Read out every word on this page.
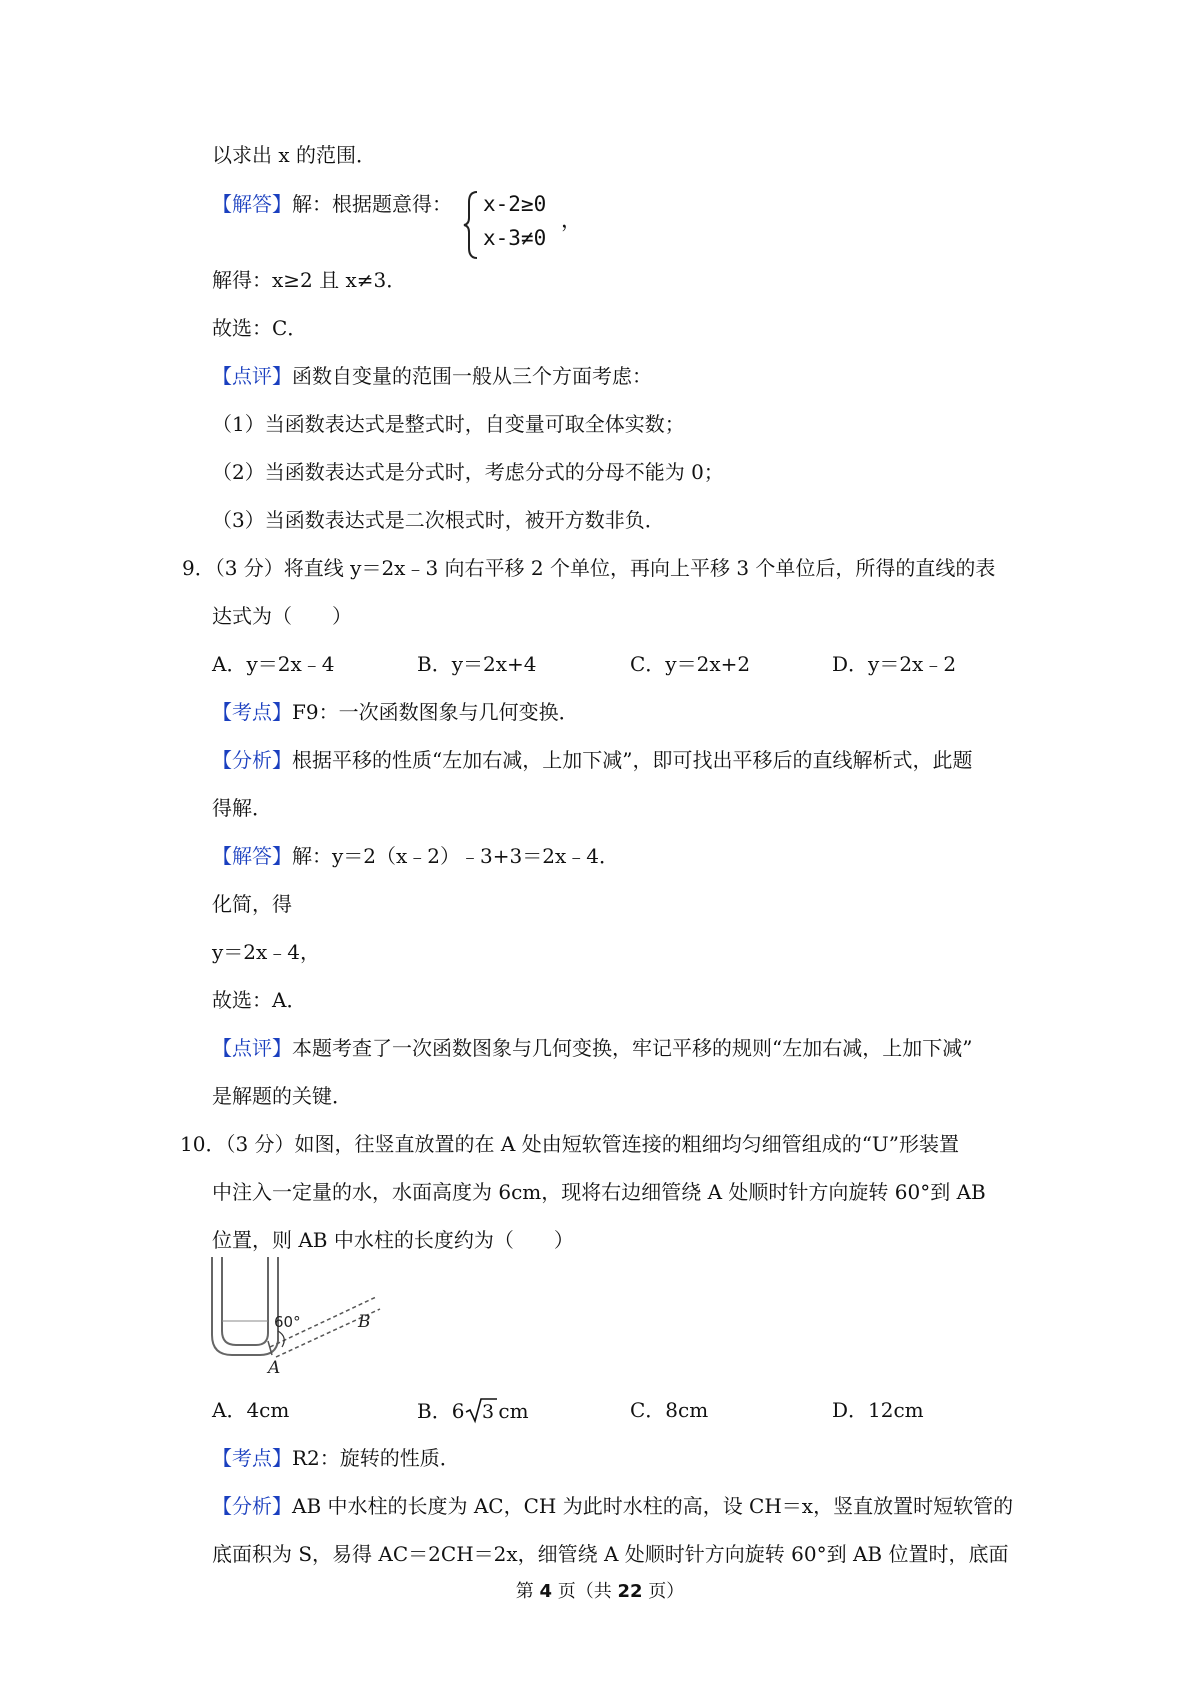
以求出 x 的范围．
【解答】解：根据题意得： x-2≥0
x-3≠0
，
解得：x≥2 且 x≠3．
故选：C．
【点评】函数自变量的范围一般从三个方面考虑：
（1）当函数表达式是整式时，自变量可取全体实数；
（2）当函数表达式是分式时，考虑分式的分母不能为 0；
（3）当函数表达式是二次根式时，被开方数非负．
9．（3 分）将直线 y＝2x﹣3 向右平移 2 个单位，再向上平移 3 个单位后，所得的直线的表
达式为（　　）
A．y＝2x﹣4	B．y＝2x+4	C．y＝2x+2	D．y＝2x﹣2
【考点】F9：一次函数图象与几何变换．
【分析】根据平移的性质“左加右减，上加下减”，即可找出平移后的直线解析式，此题
得解．
【解答】解：y＝2（x﹣2）﹣3+3＝2x﹣4．
化简，得
y＝2x﹣4，
故选：A．
【点评】本题考查了一次函数图象与几何变换，牢记平移的规则“左加右减，上加下减”
是解题的关键．
10．（3 分）如图，往竖直放置的在 A 处由短软管连接的粗细均匀细管组成的“U”形装置
中注入一定量的水，水面高度为 6cm，现将右边细管绕 A 处顺时针方向旋转 60°到 AB
位置，则 AB 中水柱的长度约为（　　）
60°	B
A
A．4cm	B．6 3 cm	C．8cm	D．12cm
【考点】R2：旋转的性质．
【分析】AB 中水柱的长度为 AC，CH 为此时水柱的高，设 CH＝x，竖直放置时短软管的
底面积为 S，易得 AC＝2CH＝2x，细管绕 A 处顺时针方向旋转 60°到 AB 位置时，底面
第 4 页（共 22 页）
